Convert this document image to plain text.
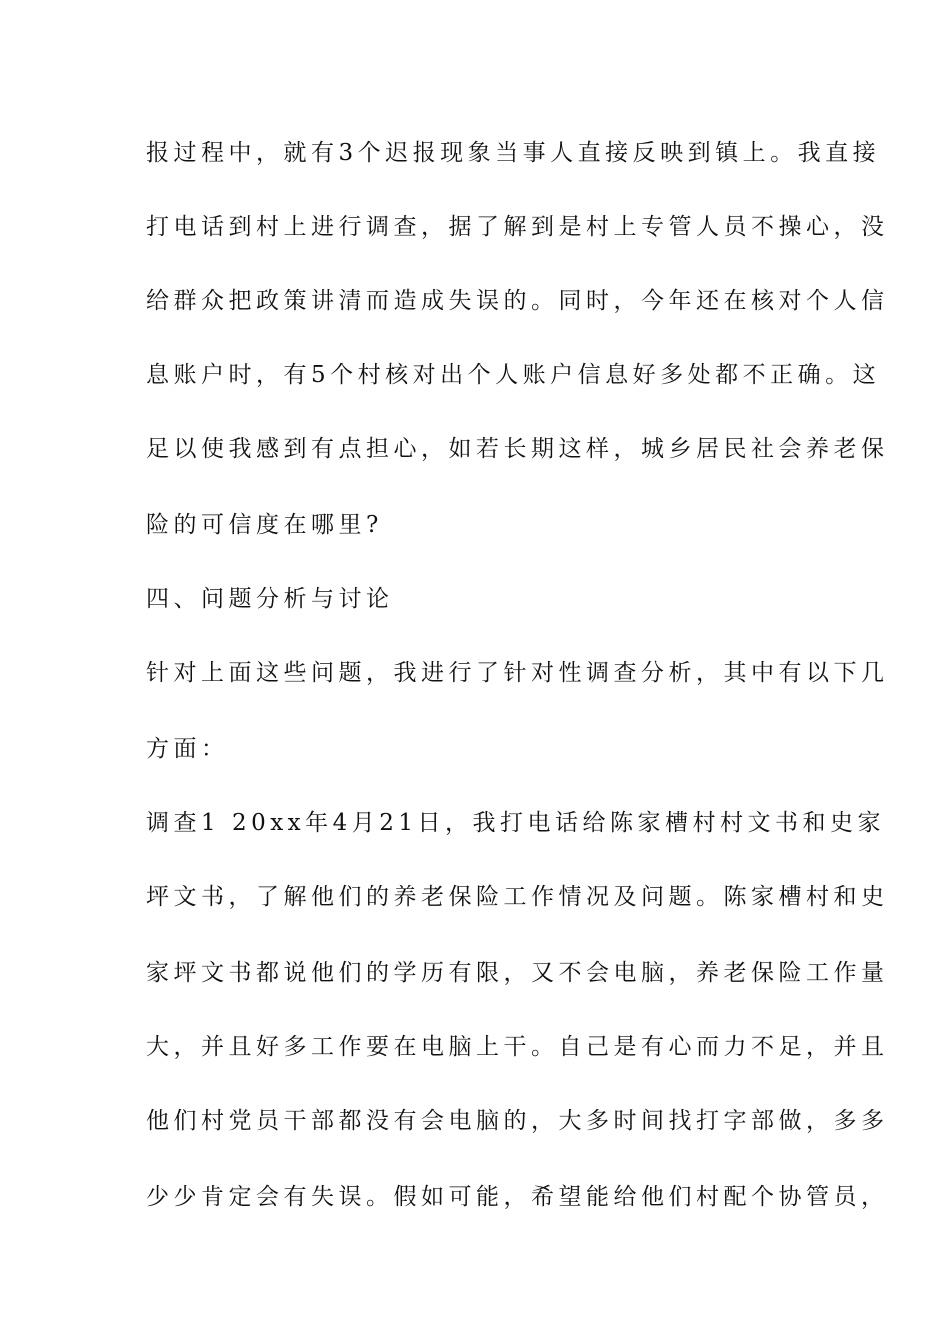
报过程中，就有3个迟报现象当事人直接反映到镇上。我直接
打电话到村上进行调查，据了解到是村上专管人员不操心，没
给群众把政策讲清而造成失误的。同时，今年还在核对个人信
息账户时，有5个村核对出个人账户信息好多处都不正确。这
足以使我感到有点担心，如若长期这样，城乡居民社会养老保
险的可信度在哪里?
四、问题分析与讨论
针对上面这些问题，我进行了针对性调查分析，其中有以下几
方面：
调查1 20xx年4月21日，我打电话给陈家槽村村文书和史家
坪文书，了解他们的养老保险工作情况及问题。陈家槽村和史
家坪文书都说他们的学历有限，又不会电脑，养老保险工作量
大，并且好多工作要在电脑上干。自己是有心而力不足，并且
他们村党员干部都没有会电脑的，大多时间找打字部做，多多
少少肯定会有失误。假如可能，希望能给他们村配个协管员，
